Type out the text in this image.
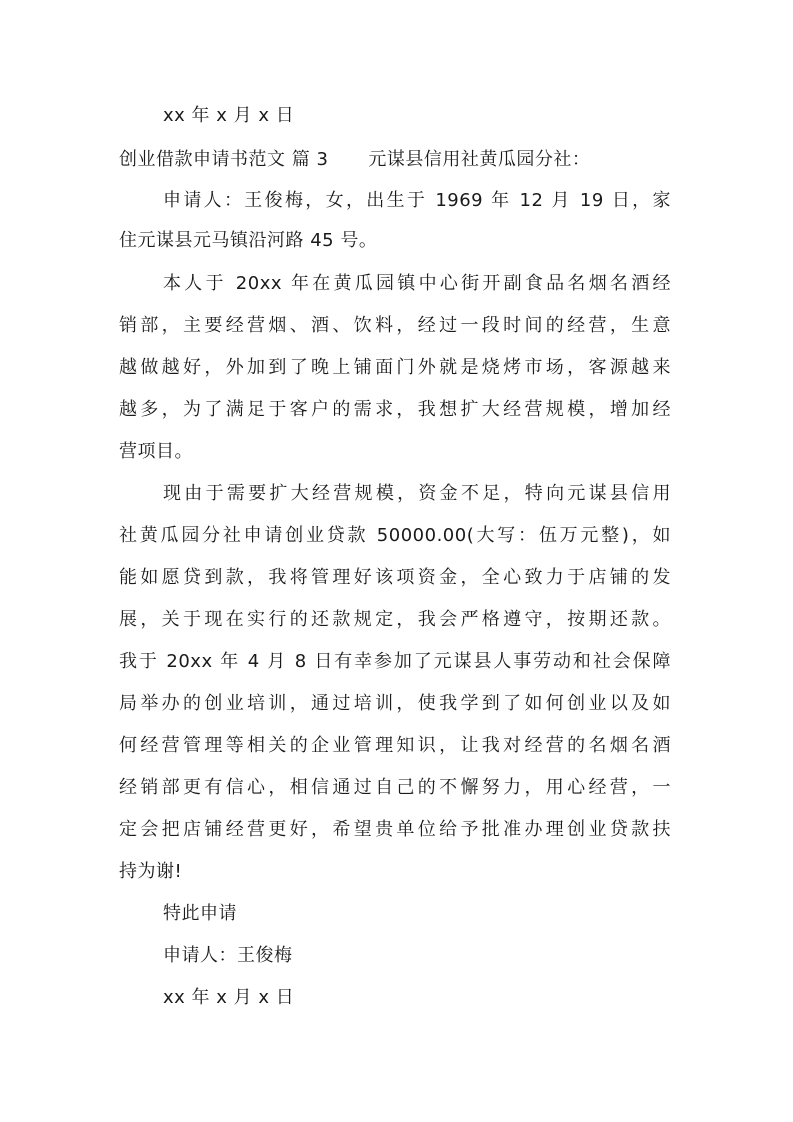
xx 年 x 月 x 日
创业借款申请书范文 篇 3 元谋县信用社黄瓜园分社：
申请人：王俊梅，女，出生于 1969 年 12 月 19 日，家
住元谋县元马镇沿河路 45 号。
本人于 20xx 年在黄瓜园镇中心街开副食品名烟名酒经
销部，主要经营烟、酒、饮料，经过一段时间的经营，生意
越做越好，外加到了晚上铺面门外就是烧烤市场，客源越来
越多，为了满足于客户的需求，我想扩大经营规模，增加经
营项目。
现由于需要扩大经营规模，资金不足，特向元谋县信用
社黄瓜园分社申请创业贷款 50000.00(大写：伍万元整)，如
能如愿贷到款，我将管理好该项资金，全心致力于店铺的发
展，关于现在实行的还款规定，我会严格遵守，按期还款。
我于 20xx 年 4 月 8 日有幸参加了元谋县人事劳动和社会保障
局举办的创业培训，通过培训，使我学到了如何创业以及如
何经营管理等相关的企业管理知识，让我对经营的名烟名酒
经销部更有信心，相信通过自己的不懈努力，用心经营，一
定会把店铺经营更好，希望贵单位给予批准办理创业贷款扶
持为谢!
特此申请
申请人：王俊梅
xx 年 x 月 x 日
